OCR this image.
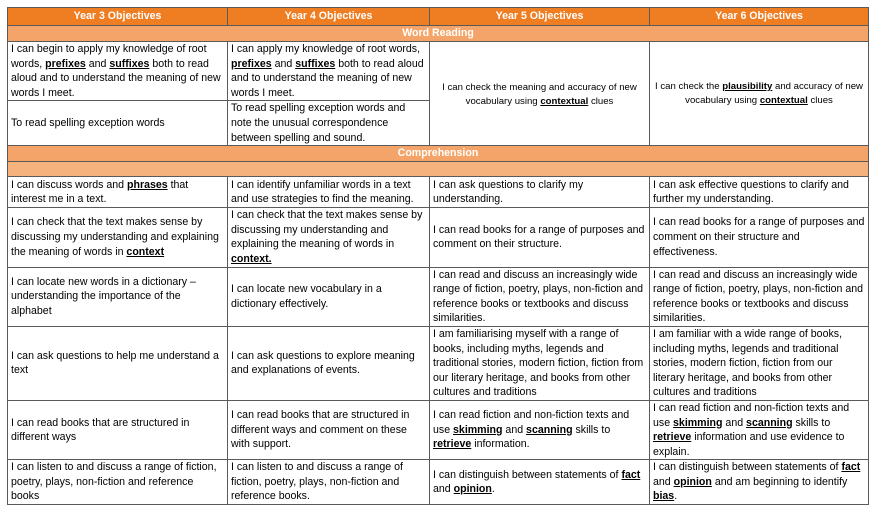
Year 3 Objectives	Year 4 Objectives	Year 5 Objectives	Year 6 Objectives
Word Reading			
I can begin to apply my knowledge of root words, prefixes and suffixes both to read aloud and to understand the meaning of new words I meet.	I can apply my knowledge of root words, prefixes and suffixes both to read aloud and to understand the meaning of new words I meet.	I can check the meaning and accuracy of new vocabulary using contextual clues	I can check the plausibility and accuracy of new vocabulary using contextual clues
To read spelling exception words	To read spelling exception words and note the unusual correspondence between spelling and sound.		
Comprehension			

I can discuss words and phrases that interest me in a text.	I can identify unfamiliar words in a text and use strategies to find the meaning.	I can ask questions to clarify my understanding.	I can ask effective questions to clarify and further my understanding.
I can check that the text makes sense by discussing my understanding and explaining the meaning of words in context	I can check that the text makes sense by discussing my understanding and explaining the meaning of words in context.	I can read books for a range of purposes and comment on their structure.	I can read books for a range of purposes and comment on their structure and effectiveness.
I can locate new words in a dictionary – understanding the importance of the alphabet	I can locate new vocabulary in a dictionary effectively.	I can read and discuss an increasingly wide range of fiction, poetry, plays, non-fiction and reference books or textbooks and discuss similarities.	I can read and discuss an increasingly wide range of fiction, poetry, plays, non-fiction and reference books or textbooks and discuss similarities.
I can ask questions to help me understand a text	I can ask questions to explore meaning and explanations of events.	I am familiarising myself with a range of books, including myths, legends and traditional stories, modern fiction, fiction from our literary heritage, and books from other cultures and traditions	I am familiar with a wide range of books, including myths, legends and traditional stories, modern fiction, fiction from our literary heritage, and books from other cultures and traditions
I can read books that are structured in different ways	I can read books that are structured in different ways and comment on these with support.	I can read fiction and non-fiction texts and use skimming and scanning skills to retrieve information.	I can read fiction and non-fiction texts and use skimming and scanning skills to retrieve information and use evidence to explain.
I can listen to and discuss a range of fiction, poetry, plays, non-fiction and reference books	I can listen to and discuss a range of fiction, poetry, plays, non-fiction and reference books.	I can distinguish between statements of fact and opinion.	I can distinguish between statements of fact and opinion and am beginning to identify bias.
